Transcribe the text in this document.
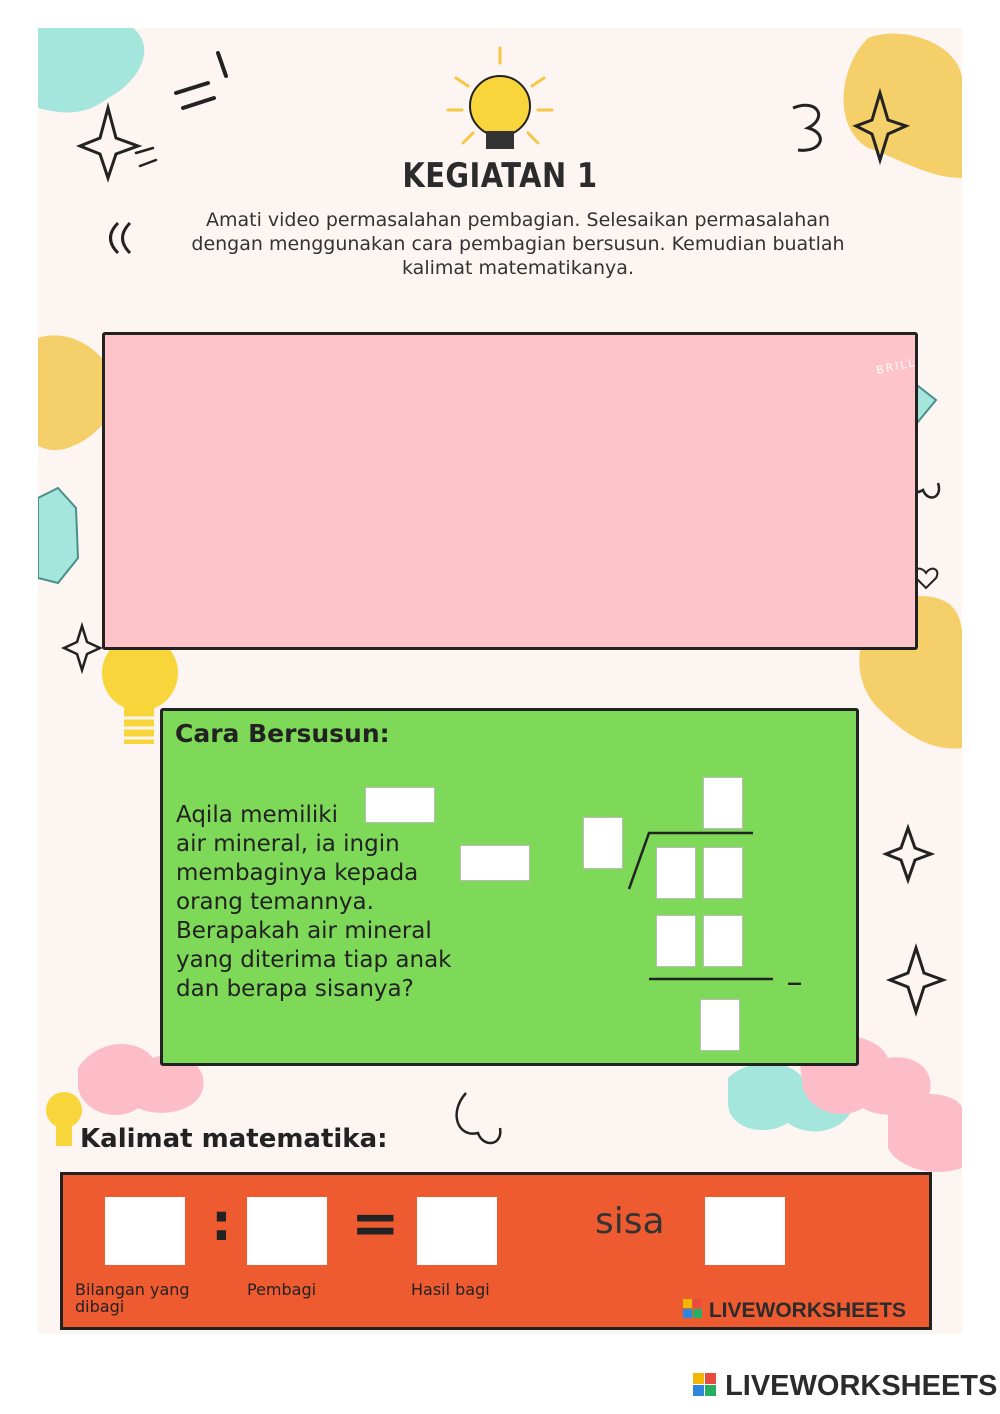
KEGIATAN 1
Amati video permasalahan pembagian. Selesaikan permasalahan
dengan menggunakan cara pembagian bersusun. Kemudian buatlah
kalimat matematikanya.
BRILL
Cara Bersusun:
Aqila memiliki
air mineral, ia ingin
membaginya kepada
orang temannya.
Berapakah air mineral
yang diterima tiap anak
dan berapa sisanya?
_
Kalimat matematika:
: =	sisa
Bilangan yang
dibagi
Pembagi	Hasil bagi
LIVEWORKSHEETS
LIVEWORKSHEETS
